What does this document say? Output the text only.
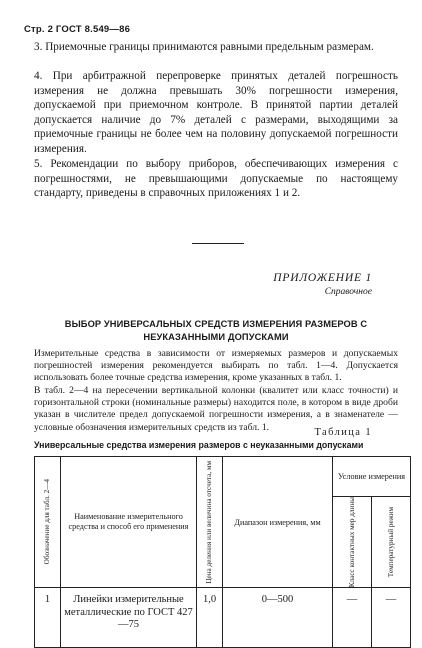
Стр. 2 ГОСТ 8.549—86
3. Приемочные границы принимаются равными предельным размерам.
4. При арбитражной перепроверке принятых деталей погрешность измерения не должна превышать 30% погрешности измерения, допускаемой при приемочном контроле. В принятой партии деталей допускается наличие до 7% деталей с размерами, выходящими за приемочные границы не более чем на половину допускаемой погрешности измерения.
5. Рекомендации по выбору приборов, обеспечивающих измерения с погрешностями, не превышающими допускаемые по настоящему стандарту, приведены в справочных приложениях 1 и 2.
ПРИЛОЖЕНИЕ 1
Справочное
ВЫБОР УНИВЕРСАЛЬНЫХ СРЕДСТВ ИЗМЕРЕНИЯ РАЗМЕРОВ С НЕУКАЗАННЫМИ ДОПУСКАМИ
Измерительные средства в зависимости от измеряемых размеров и допускаемых погрешностей измерения рекомендуется выбирать по табл. 1—4. Допускается использовать более точные средства измерения, кроме указанных в табл. 1.
В табл. 2—4 на пересечении вертикальной колонки (квалитет или класс точности) и горизонтальной строки (номинальные размеры) находится поле, в котором в виде дроби указан в числителе предел допускаемой погрешности измерения, а в знаменателе — условные обозначения измерительных средств из табл. 1.	Таблица 1
Универсальные средства измерения размеров с неуказанными допусками
Обозначение для табл. 2—4	Наименование измерительного средства и способ его применения	Цена деления или величина отсчета, мм	Диапазон измерения, мм	Условие измерения	

				Класс контактных мер длины	Температурный режим

1	Линейки измерительные металлические по ГОСТ 427—75	1,0	0—500	—	—
